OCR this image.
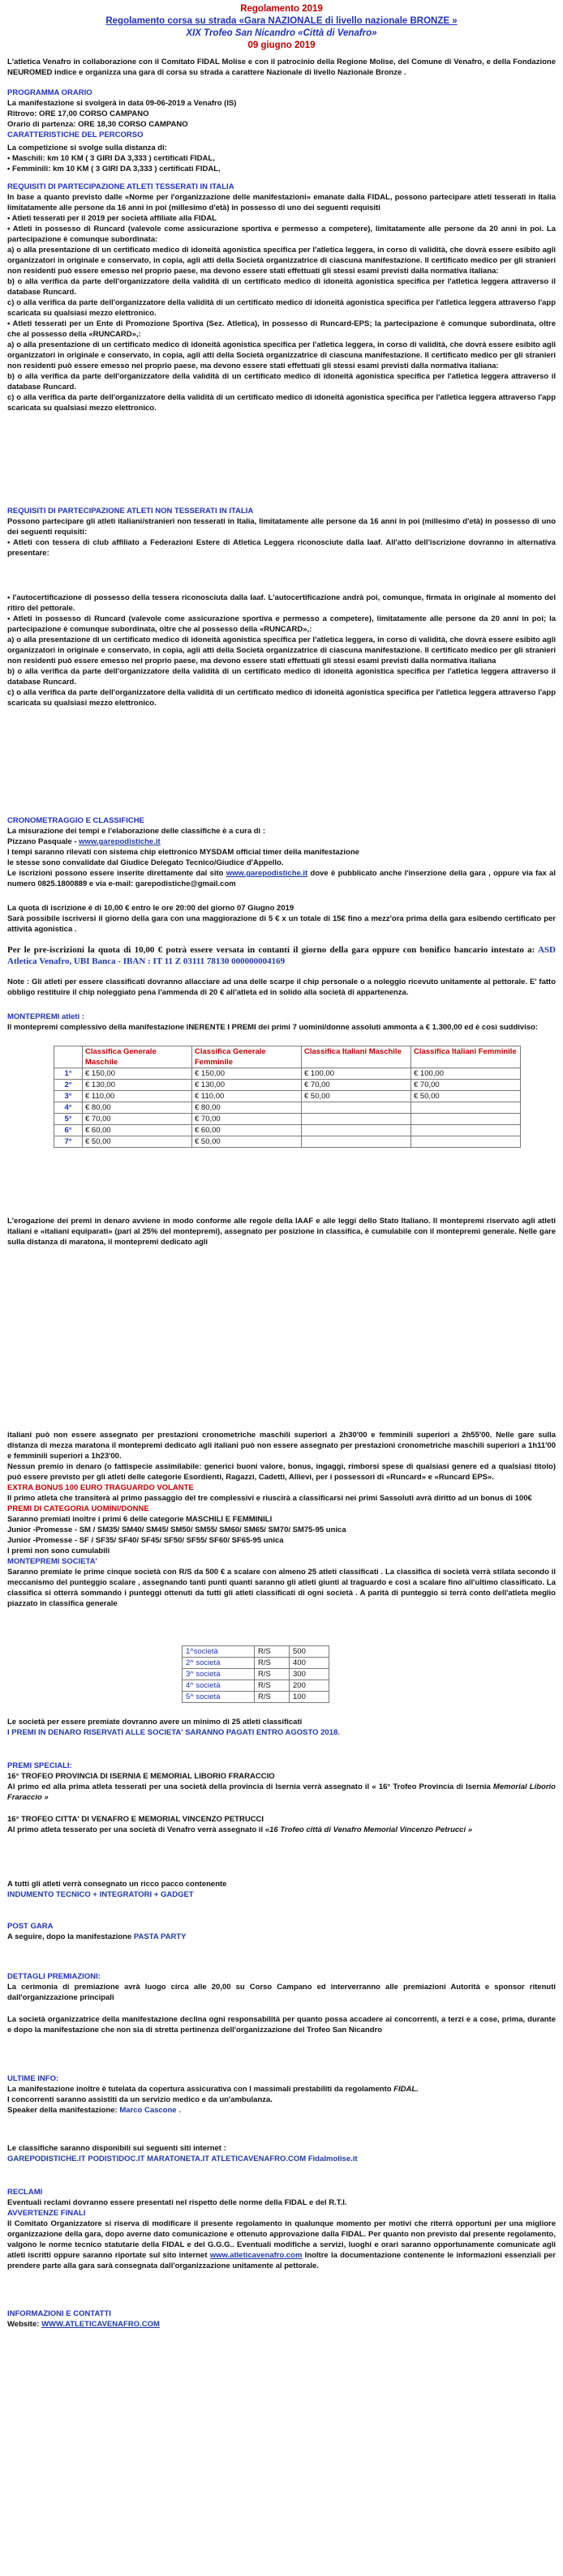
Regolamento 2019

Regolamento corsa su strada «Gara NAZIONALE di livello nazionale BRONZE »

XIX Trofeo San Nicandro «Città di Venafro»

09 giugno 2019

L'atletica Venafro in collaborazione con il Comitato FIDAL Molise e con il patrocinio della Regione Molise, del Comune di Venafro, e della Fondazione NEUROMED indice e organizza una gara di corsa su strada a carattere Nazionale di livello Nazionale Bronze .

PROGRAMMA ORARIO

La manifestazione si svolgerà in data 09-06-2019 a Venafro (IS)

Ritrovo: ORE 17,00 CORSO CAMPANO

Orario di partenza: ORE 18,30 CORSO CAMPANO

CARATTERISTICHE DEL PERCORSO

La competizione si svolge sulla distanza di:

• Maschili: km 10 KM ( 3 GIRI DA 3,333 ) certificati FIDAL,

• Femminili: km 10 KM ( 3 GIRI DA 3,333 ) certificati FIDAL,

REQUISITI DI PARTECIPAZIONE ATLETI TESSERATI IN ITALIA

In base a quanto previsto dalle «Norme per l'organizzazione delle manifestazioni» emanate dalla FIDAL, possono partecipare atleti tesserati in Italia limitatamente alle persone da 16 anni in poi (millesimo d'età) in possesso di uno dei seguenti requisiti

• Atleti tesserati per il 2019 per società affiliate alla FIDAL

• Atleti in possesso di Runcard (valevole come assicurazione sportiva e permesso a competere), limitatamente alle persone da 20 anni in poi. La partecipazione è comunque subordinata:

a) o alla presentazione di un certificato medico di idoneità agonistica specifica per l'atletica leggera, in corso di validità, che dovrà essere esibito agli organizzatori in originale e conservato, in copia, agli atti della Società organizzatrice di ciascuna manifestazione. Il certificato medico per gli stranieri non residenti può essere emesso nel proprio paese, ma devono essere stati effettuati gli stessi esami previsti dalla normativa italiana:

b) o alla verifica da parte dell'organizzatore della validità di un certificato medico di idoneità agonistica specifica per l'atletica leggera attraverso il database Runcard.

c) o alla verifica da parte dell'organizzatore della validità di un certificato medico di idoneità agonistica specifica per l'atletica leggera attraverso l'app scaricata su qualsiasi mezzo elettronico.

• Atleti tesserati per un Ente di Promozione Sportiva (Sez. Atletica), in possesso di Runcard-EPS; la partecipazione è comunque subordinata, oltre che al possesso della «RUNCARD»,:

a) o alla presentazione di un certificato medico di idoneità agonistica specifica per l'atletica leggera, in corso di validità, che dovrà essere esibito agli organizzatori in originale e conservato, in copia, agli atti della Società organizzatrice di ciascuna manifestazione. Il certificato medico per gli stranieri non residenti può essere emesso nel proprio paese, ma devono essere stati effettuati gli stessi esami previsti dalla normativa italiana:

b) o alla verifica da parte dell'organizzatore della validità di un certificato medico di idoneità agonistica specifica per l'atletica leggera attraverso il database Runcard.

c) o alla verifica da parte dell'organizzatore della validità di un certificato medico di idoneità agonistica specifica per l'atletica leggera attraverso l'app scaricata su qualsiasi mezzo elettronico.

REQUISITI DI PARTECIPAZIONE ATLETI NON TESSERATI IN ITALIA

Possono partecipare gli atleti italiani/stranieri non tesserati in Italia, limitatamente alle persone da 16 anni in poi (millesimo d'età) in possesso di uno dei seguenti requisiti:

• Atleti con tessera di club affiliato a Federazioni Estere di Atletica Leggera riconosciute dalla Iaaf. All'atto dell'iscrizione dovranno in alternativa presentare:

• l'autocertificazione di possesso della tessera riconosciuta dalla Iaaf. L'autocertificazione andrà poi, comunque, firmata in originale al momento del ritiro del pettorale.

• Atleti in possesso di Runcard (valevole come assicurazione sportiva e permesso a competere), limitatamente alle persone da 20 anni in poi; la partecipazione è comunque subordinata, oltre che al possesso della «RUNCARD»,:

a) o alla presentazione di un certificato medico di idoneità agonistica specifica per l'atletica leggera, in corso di validità, che dovrà essere esibito agli organizzatori in originale e conservato, in copia, agli atti della Società organizzatrice di ciascuna manifestazione. Il certificato medico per gli stranieri non residenti può essere emesso nel proprio paese, ma devono essere stati effettuati gli stessi esami previsti dalla normativa italiana

b) o alla verifica da parte dell'organizzatore della validità di un certificato medico di idoneità agonistica specifica per l'atletica leggera attraverso il database Runcard.

c) o alla verifica da parte dell'organizzatore della validità di un certificato medico di idoneità agonistica specifica per l'atletica leggera attraverso l'app scaricata su qualsiasi mezzo elettronico.

CRONOMETRAGGIO E CLASSIFICHE

La misurazione dei tempi e l'elaborazione delle classifiche è a cura di :

Pizzano Pasquale - www.garepodistiche.it

I tempi saranno rilevati con sistema chip elettronico MYSDAM official timer della manifestazione

le stesse sono convalidate dal Giudice Delegato Tecnico/Giudice d'Appello.

Le iscrizioni possono essere inserite direttamente dal sito www.garepodistiche.it dove è pubblicato anche l'inserzione della gara , oppure via fax al numero 0825.1800889 e via e-mail: garepodistiche@gmail.com

La quota di iscrizione è di 10,00 € entro le ore 20:00 del giorno 07 Giugno 2019

Sarà possibile iscriversi il giorno della gara con una maggiorazione di 5 € x un totale di 15€ fino a mezz'ora prima della gara esibendo certificato per attività agonistica .

Per le pre-iscrizioni la quota di 10,00 € potrà essere versata in contanti il giorno della gara oppure con bonifico bancario intestato a: ASD Atletica Venafro, UBI Banca - IBAN : IT 11 Z 03111 78130 000000004169

Note : Gli atleti per essere classificati dovranno allacciare ad una delle scarpe il chip personale o a noleggio ricevuto unitamente al pettorale. E' fatto obbligo restituire il chip noleggiato pena l'ammenda di 20 € all'atleta ed in solido alla società di appartenenza.

MONTEPREMI atleti :

Il montepremi complessivo della manifestazione INERENTE I PREMI dei primi 7 uomini/donne assoluti ammonta a € 1.300,00 ed è così suddiviso:

	Classifica Generale Maschile	Classifica Generale Femminile	Classifica Italiani Maschile	Classifica Italiani Femminile
1°	€ 150,00	€ 150,00	€ 100,00	€ 100,00
2°	€ 130,00	€ 130,00	€ 70,00	€ 70,00
3°	€ 110,00	€ 110,00	€ 50,00	€ 50,00
4°	€ 80,00	€ 80,00		
5°	€ 70,00	€ 70,00		
6°	€ 60,00	€ 60,00		
7°	€ 50,00	€ 50,00		
L'erogazione dei premi in denaro avviene in modo conforme alle regole della IAAF e alle leggi dello Stato Italiano. Il montepremi riservato agli atleti italiani e «italiani equiparati» (pari al 25% del montepremi), assegnato per posizione in classifica, è cumulabile con il montepremi generale. Nelle gare sulla distanza di maratona, il montepremi dedicato agli

italiani può non essere assegnato per prestazioni cronometriche maschili superiori a 2h30'00 e femminili superiori a 2h55'00. Nelle gare sulla distanza di mezza maratona il montepremi dedicato agli italiani può non essere assegnato per prestazioni cronometriche maschili superiori a 1h11'00 e femminili superiori a 1h23'00.

Nessun premio in denaro (o fattispecie assimilabile: generici buoni valore, bonus, ingaggi, rimborsi spese di qualsiasi genere ed a qualsiasi titolo) può essere previsto per gli atleti delle categorie Esordienti, Ragazzi, Cadetti, Allievi, per i possessori di «Runcard» e «Runcard EPS».

EXTRA BONUS 100 EURO TRAGUARDO VOLANTE

Il primo atleta che transiterà al primo passaggio del tre complessivi e riuscirà a classificarsi nei primi Sassoluti avrà diritto ad un bonus di 100€

PREMI DI CATEGORIA UOMINI/DONNE

Saranno premiati inoltre i primi 6 delle categorie MASCHILI E FEMMINILI

Junior -Promesse - SM / SM35/ SM40/ SM45/ SM50/ SM55/ SM60/ SM65/ SM70/ SM75-95 unica

Junior -Promesse - SF / SF35/ SF40/ SF45/ SF50/ SF55/ SF60/ SF65-95 unica

I premi non sono cumulabili

MONTEPREMI SOCIETA'

Saranno premiate le prime cinque società con R/S da 500 € a scalare con almeno 25 atleti classificati . La classifica di società verrà stilata secondo il meccanismo del punteggio scalare , assegnando tanti punti quanti saranno gli atleti giunti al traguardo e così a scalare fino all'ultimo classificato. La classifica si otterrà sommando i punteggi ottenuti da tutti gli atleti classificati di ogni società . A parità di punteggio si terrà conto dell'atleta meglio piazzato in classifica generale

1^società	R/S	500
2^ società	R/S	400
3^ società	R/S	300
4^ società	R/S	200
5^ società	R/S	100

Le società per essere premiate dovranno avere un minimo di 25 atleti classificati

I PREMI IN DENARO RISERVATI ALLE SOCIETA' SARANNO PAGATI ENTRO AGOSTO 2018.

PREMI SPECIALI:

16° TROFEO PROVINCIA DI ISERNIA E MEMORIAL LIBORIO FRARACCIO

Al primo ed alla prima atleta tesserati per una società della provincia di Isernia verrà assegnato il « 16° Trofeo Provincia di Isernia Memorial Liborio Fraraccio »

16° TROFEO CITTA' DI VENAFRO E MEMORIAL VINCENZO PETRUCCI

Al primo atleta tesserato per una società di Venafro verrà assegnato il «16 Trofeo città di Venafro Memorial Vincenzo Petrucci »

A tutti gli atleti verrà consegnato un ricco pacco contenente

INDUMENTO TECNICO + INTEGRATORI + GADGET

POST GARA

A seguire, dopo la manifestazione PASTA PARTY

DETTAGLI PREMIAZIONI:

La cerimonia di premiazione avrà luogo circa alle 20,00 su Corso Campano ed interverranno alle premiazioni Autorità e sponsor ritenuti dall'organizzazione principali

La società organizzatrice della manifestazione declina ogni responsabilità per quanto possa accadere ai concorrenti, a terzi e a cose, prima, durante e dopo la manifestazione che non sia di stretta pertinenza dell'organizzazione del Trofeo San Nicandro

ULTIME INFO:

La manifestazione inoltre è tutelata da copertura assicurativa con I massimali prestabiliti da regolamento FIDAL.

I concorrenti saranno assistiti da un servizio medico e da un'ambulanza.

Speaker della manifestazione: Marco Cascone .

Le classifiche saranno disponibili sui seguenti siti internet :

GAREPODISTICHE.IT PODISTIDOC.IT MARATONETA.IT ATLETICAVENAFRO.COM Fidalmolise.it

RECLAMI

Eventuali reclami dovranno essere presentati nel rispetto delle norme della FIDAL e del R.T.I.

AVVERTENZE FINALI

Il Comitato Organizzatore si riserva di modificare il presente regolamento in qualunque momento per motivi che riterrà opportuni per una migliore organizzazione della gara, dopo averne dato comunicazione e ottenuto approvazione dalla FIDAL. Per quanto non previsto dal presente regolamento, valgono le norme tecnico statutarie della FIDAL e del G.G.G.. Eventuali modifiche a servizi, luoghi e orari saranno opportunamente comunicate agli atleti iscritti oppure saranno riportate sul sito internet www.atleticavenafro.com Inoltre la documentazione contenente le informazioni essenziali per prendere parte alla gara sarà consegnata dall'organizzazione unitamente al pettorale.

INFORMAZIONI E CONTATTI

Website: WWW.ATLETICAVENAFRO.COM
